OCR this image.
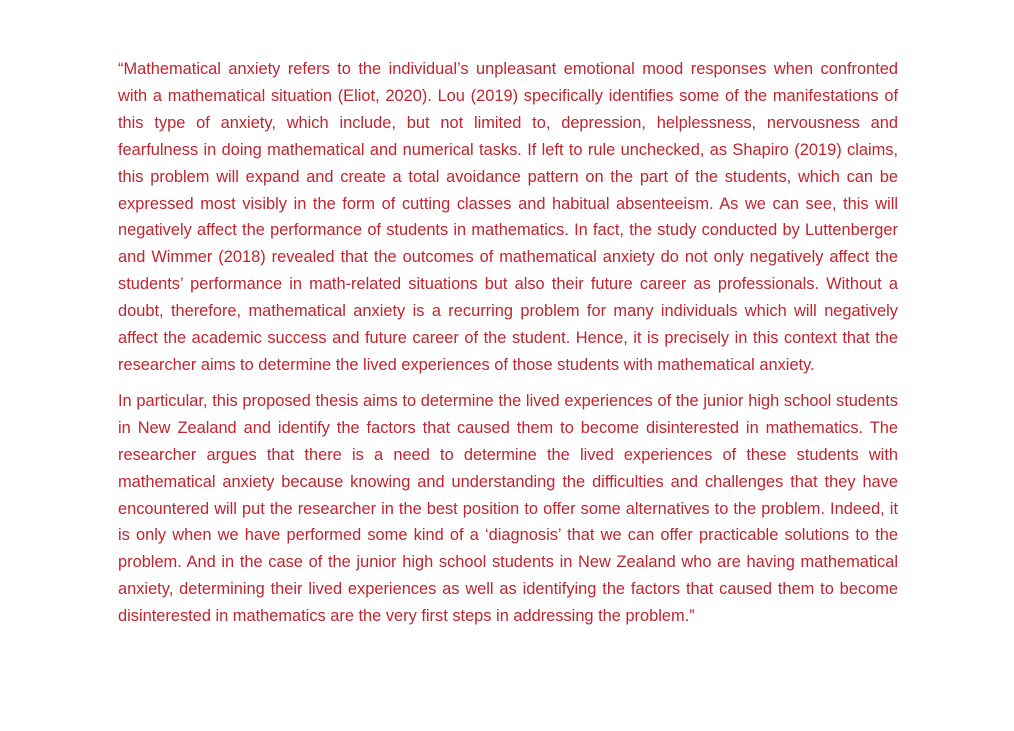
“Mathematical anxiety refers to the individual’s unpleasant emotional mood responses when confronted with a mathematical situation (Eliot, 2020). Lou (2019) specifically identifies some of the manifestations of this type of anxiety, which include, but not limited to, depression, helplessness, nervousness and fearfulness in doing mathematical and numerical tasks. If left to rule unchecked, as Shapiro (2019) claims, this problem will expand and create a total avoidance pattern on the part of the students, which can be expressed most visibly in the form of cutting classes and habitual absenteeism. As we can see, this will negatively affect the performance of students in mathematics. In fact, the study conducted by Luttenberger and Wimmer (2018) revealed that the outcomes of mathematical anxiety do not only negatively affect the students’ performance in math-related situations but also their future career as professionals. Without a doubt, therefore, mathematical anxiety is a recurring problem for many individuals which will negatively affect the academic success and future career of the student. Hence, it is precisely in this context that the researcher aims to determine the lived experiences of those students with mathematical anxiety.

In particular, this proposed thesis aims to determine the lived experiences of the junior high school students in New Zealand and identify the factors that caused them to become disinterested in mathematics. The researcher argues that there is a need to determine the lived experiences of these students with mathematical anxiety because knowing and understanding the difficulties and challenges that they have encountered will put the researcher in the best position to offer some alternatives to the problem. Indeed, it is only when we have performed some kind of a ‘diagnosis’ that we can offer practicable solutions to the problem. And in the case of the junior high school students in New Zealand who are having mathematical anxiety, determining their lived experiences as well as identifying the factors that caused them to become disinterested in mathematics are the very first steps in addressing the problem.”
